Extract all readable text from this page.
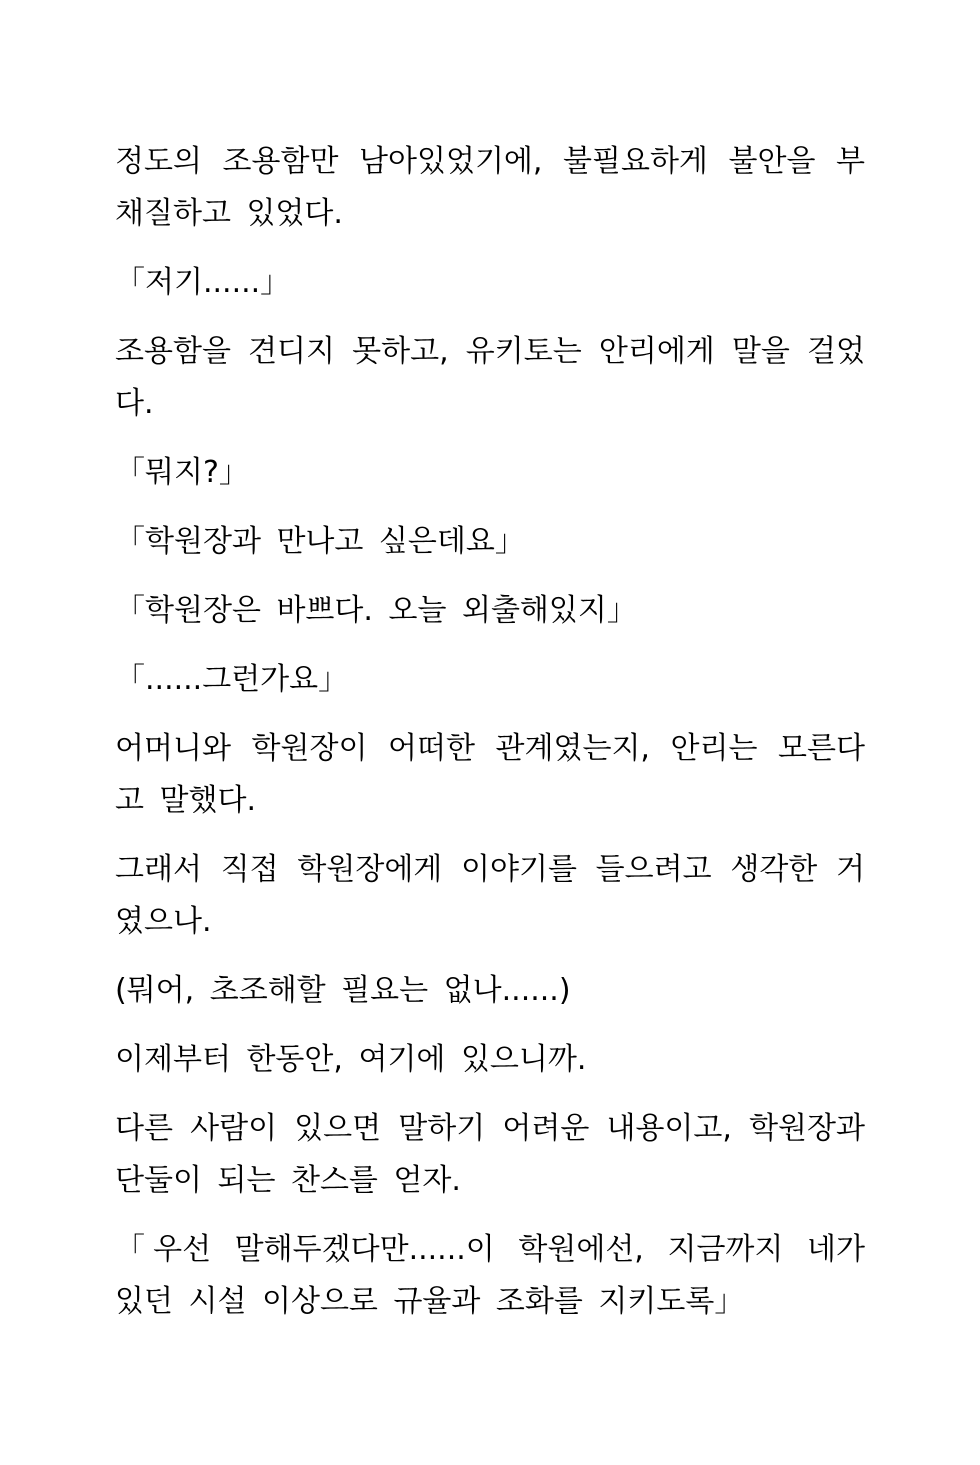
정도의 조용함만 남아있었기에, 불필요하게 불안을 부채질하고 있었다.

「저기......」

조용함을 견디지 못하고, 유키토는 안리에게 말을 걸었다.

「뭐지?」

「학원장과 만나고 싶은데요」

「학원장은 바쁘다. 오늘 외출해있지」

「......그런가요」

어머니와 학원장이 어떠한 관계였는지, 안리는 모른다고 말했다.

그래서 직접 학원장에게 이야기를 들으려고 생각한 거였으나.

(뭐어, 초조해할 필요는 없나......)

이제부터 한동안, 여기에 있으니까.

다른 사람이 있으면 말하기 어려운 내용이고, 학원장과 단둘이 되는 찬스를 얻자.

「우선 말해두겠다만......이 학원에선, 지금까지 네가 있던 시설 이상으로 규율과 조화를 지키도록」
